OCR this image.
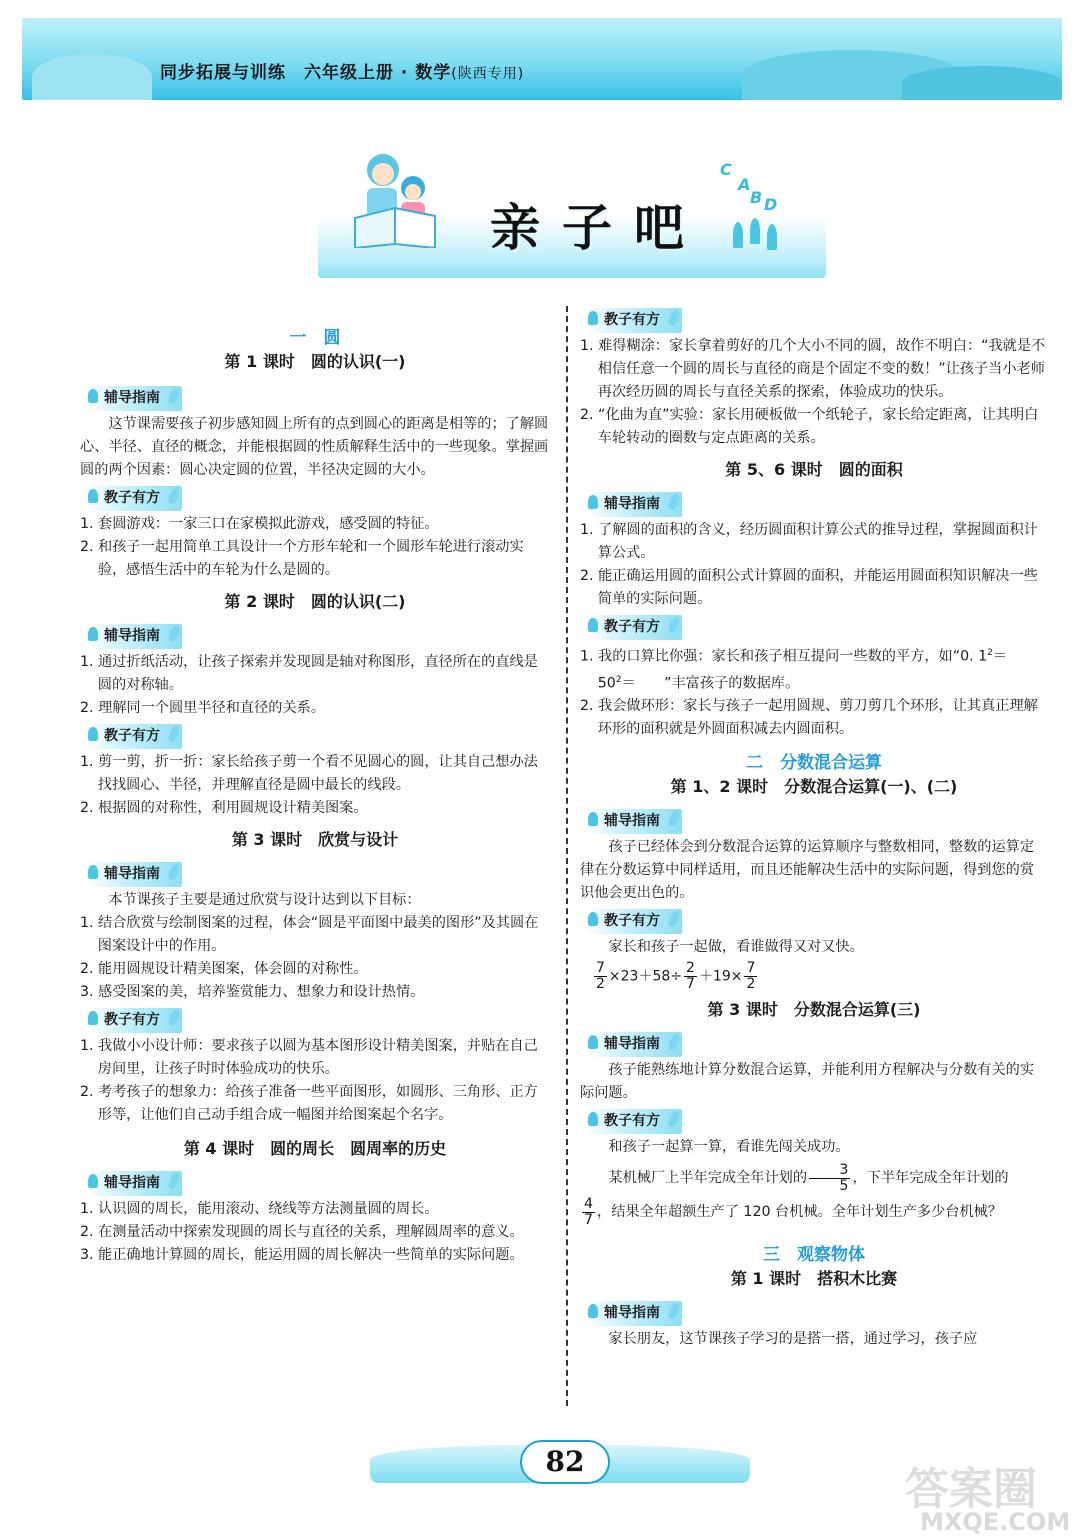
同步拓展与训练　六年级上册 · 数学(陕西专用)
亲子吧
C
A
B D
一　圆
第 1 课时　圆的认识(一)
辅导指南

这节课需要孩子初步感知圆上所有的点到圆心的距离是相等的；了解圆心、半径、直径的概念，并能根据圆的性质解释生活中的一些现象。掌握画圆的两个因素：圆心决定圆的位置，半径决定圆的大小。

教子有方

1. 套圆游戏：一家三口在家模拟此游戏，感受圆的特征。

2. 和孩子一起用简单工具设计一个方形车轮和一个圆形车轮进行滚动实验，感悟生活中的车轮为什么是圆的。

第 2 课时　圆的认识(二)
辅导指南

1. 通过折纸活动，让孩子探索并发现圆是轴对称图形，直径所在的直线是圆的对称轴。

2. 理解同一个圆里半径和直径的关系。

教子有方

1. 剪一剪，折一折：家长给孩子剪一个看不见圆心的圆，让其自己想办法找找圆心、半径，并理解直径是圆中最长的线段。

2. 根据圆的对称性，利用圆规设计精美图案。

第 3 课时　欣赏与设计
辅导指南

本节课孩子主要是通过欣赏与设计达到以下目标：

1. 结合欣赏与绘制图案的过程，体会“圆是平面图中最美的图形”及其圆在图案设计中的作用。

2. 能用圆规设计精美图案，体会圆的对称性。

3. 感受图案的美，培养鉴赏能力、想象力和设计热情。

教子有方

1. 我做小小设计师：要求孩子以圆为基本图形设计精美图案，并贴在自己房间里，让孩子时时体验成功的快乐。

2. 考考孩子的想象力：给孩子准备一些平面图形，如圆形、三角形、正方形等，让他们自己动手组合成一幅图并给图案起个名字。

第 4 课时　圆的周长　圆周率的历史
辅导指南

1. 认识圆的周长，能用滚动、绕线等方法测量圆的周长。

2. 在测量活动中探索发现圆的周长与直径的关系，理解圆周率的意义。

3. 能正确地计算圆的周长，能运用圆的周长解决一些简单的实际问题。

教子有方

1. 难得糊涂：家长拿着剪好的几个大小不同的圆，故作不明白：“我就是不相信任意一个圆的周长与直径的商是个固定不变的数！”让孩子当小老师再次经历圆的周长与直径关系的探索，体验成功的快乐。

2. “化曲为直”实验：家长用硬板做一个纸轮子，家长给定距离，让其明白车轮转动的圈数与定点距离的关系。

第 5、6 课时　圆的面积
辅导指南

1. 了解圆的面积的含义，经历圆面积计算公式的推导过程，掌握圆面积计算公式。

2. 能正确运用圆的面积公式计算圆的面积，并能运用圆面积知识解决一些简单的实际问题。

教子有方

1. 我的口算比你强：家长和孩子相互提问一些数的平方，如“0. $1^2=$　　$50^2=$　　”丰富孩子的数据库。

2. 我会做环形：家长与孩子一起用圆规、剪刀剪几个环形，让其真正理解环形的面积就是外圆面积减去内圆面积。

二　分数混合运算
第 1、2 课时　分数混合运算(一)、(二)
辅导指南

孩子已经体会到分数混合运算的运算顺序与整数相同，整数的运算定律在分数运算中同样适用，而且还能解决生活中的实际问题，得到您的赏识他会更出色的。

教子有方

家长和孩子一起做，看谁做得又对又快。

$\frac{7}{2} \times 23+58\div \frac{2}{7} +19\times \frac{7}{2}$

第 3 课时　分数混合运算(三)
辅导指南

孩子能熟练地计算分数混合运算，并能利用方程解决与分数有关的实际问题。

教子有方

和孩子一起算一算，看谁先闯关成功。

某机械厂上半年完成全年计划的 $\frac{3}{5}$ ，下半年完成全年计划的

$\frac{4}{7}$ ，结果全年超额生产了 120 台机械。全年计划生产多少台机械？

三　观察物体
第 1 课时　搭积木比赛
辅导指南

家长朋友，这节课孩子学习的是搭一搭，通过学习，孩子应

82
答案圈
MXQE.COM
